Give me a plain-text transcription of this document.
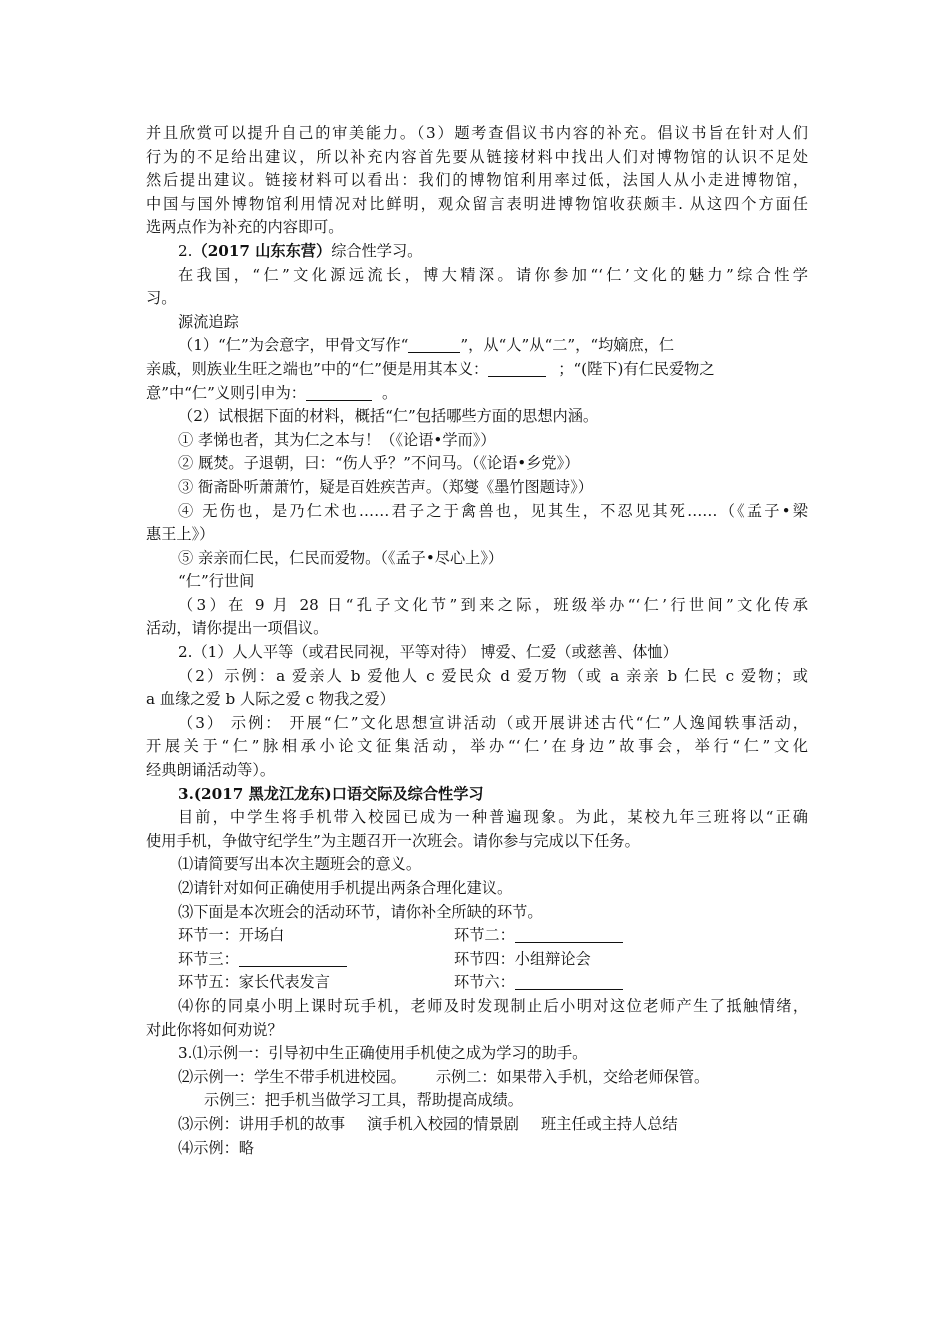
并且欣赏可以提升自己的审美能力。（3）题考查倡议书内容的补充。倡议书旨在针对人们
行为的不足给出建议，所以补充内容首先要从链接材料中找出人们对博物馆的认识不足处
然后提出建议。链接材料可以看出：我们的博物馆利用率过低，法国人从小走进博物馆，
中国与国外博物馆利用情况对比鲜明，观众留言表明进博物馆收获颇丰. 从这四个方面任
选两点作为补充的内容即可。
2.（2017 山东东营）综合性学习。
在我国，“仁”文化源远流长，博大精深。请你参加“‘仁’文化的魅力”综合性学
习。
源流追踪
（1）“仁”为会意字，甲骨文写作“	”，从“人”从“二”，“均嫡庶，仁
亲戚，则族业生旺之端也”中的“仁”便是用其本义：	；“(陛下)有仁民爱物之
意”中“仁”义则引申为：	。
（2）试根据下面的材料，概括“仁”包括哪些方面的思想内涵。
① 孝悌也者，其为仁之本与！（《论语•学而》）
② 厩焚。子退朝，曰：“伤人乎？”不问马。（《论语•乡党》）
③ 衙斋卧听萧萧竹，疑是百姓疾苦声。（郑燮《墨竹图题诗》）
④ 无伤也，是乃仁术也……君子之于禽兽也，见其生，不忍见其死……（《孟子•梁
惠王上》）
⑤ 亲亲而仁民，仁民而爱物。（《孟子•尽心上》）
“仁”行世间
（3）在 9 月 28 日“孔子文化节”到来之际，班级举办“‘仁’行世间”文化传承
活动，请你提出一项倡议。
2.（1）人人平等（或君民同视，平等对待） 博爱、仁爱（或慈善、体恤）
（2）示例：a 爱亲人 b 爱他人 c 爱民众 d 爱万物（或 a 亲亲 b 仁民 c 爱物；或
a 血缘之爱 b 人际之爱 c 物我之爱）
（3） 示例： 开展“仁”文化思想宣讲活动（或开展讲述古代“仁”人逸闻轶事活动，
开展关于“仁”脉相承小论文征集活动，举办“‘仁’在身边”故事会，举行“仁”文化
经典朗诵活动等）。
3.(2017 黑龙江龙东)口语交际及综合性学习
目前，中学生将手机带入校园已成为一种普遍现象。为此，某校九年三班将以“正确
使用手机，争做守纪学生”为主题召开一次班会。请你参与完成以下任务。
⑴请简要写出本次主题班会的意义。
⑵请针对如何正确使用手机提出两条合理化建议。
⑶下面是本次班会的活动环节，请你补全所缺的环节。
环节一：开场白	环节二：
环节三：	环节四：小组辩论会
环节五：家长代表发言	环节六：
⑷你的同桌小明上课时玩手机，老师及时发现制止后小明对这位老师产生了抵触情绪，
对此你将如何劝说？
3.⑴示例一：引导初中生正确使用手机使之成为学习的助手。
⑵示例一：学生不带手机进校园。 示例二：如果带入手机，交给老师保管。
示例三：把手机当做学习工具，帮助提高成绩。
⑶示例：讲用手机的故事 演手机入校园的情景剧 班主任或主持人总结
⑷示例：略
